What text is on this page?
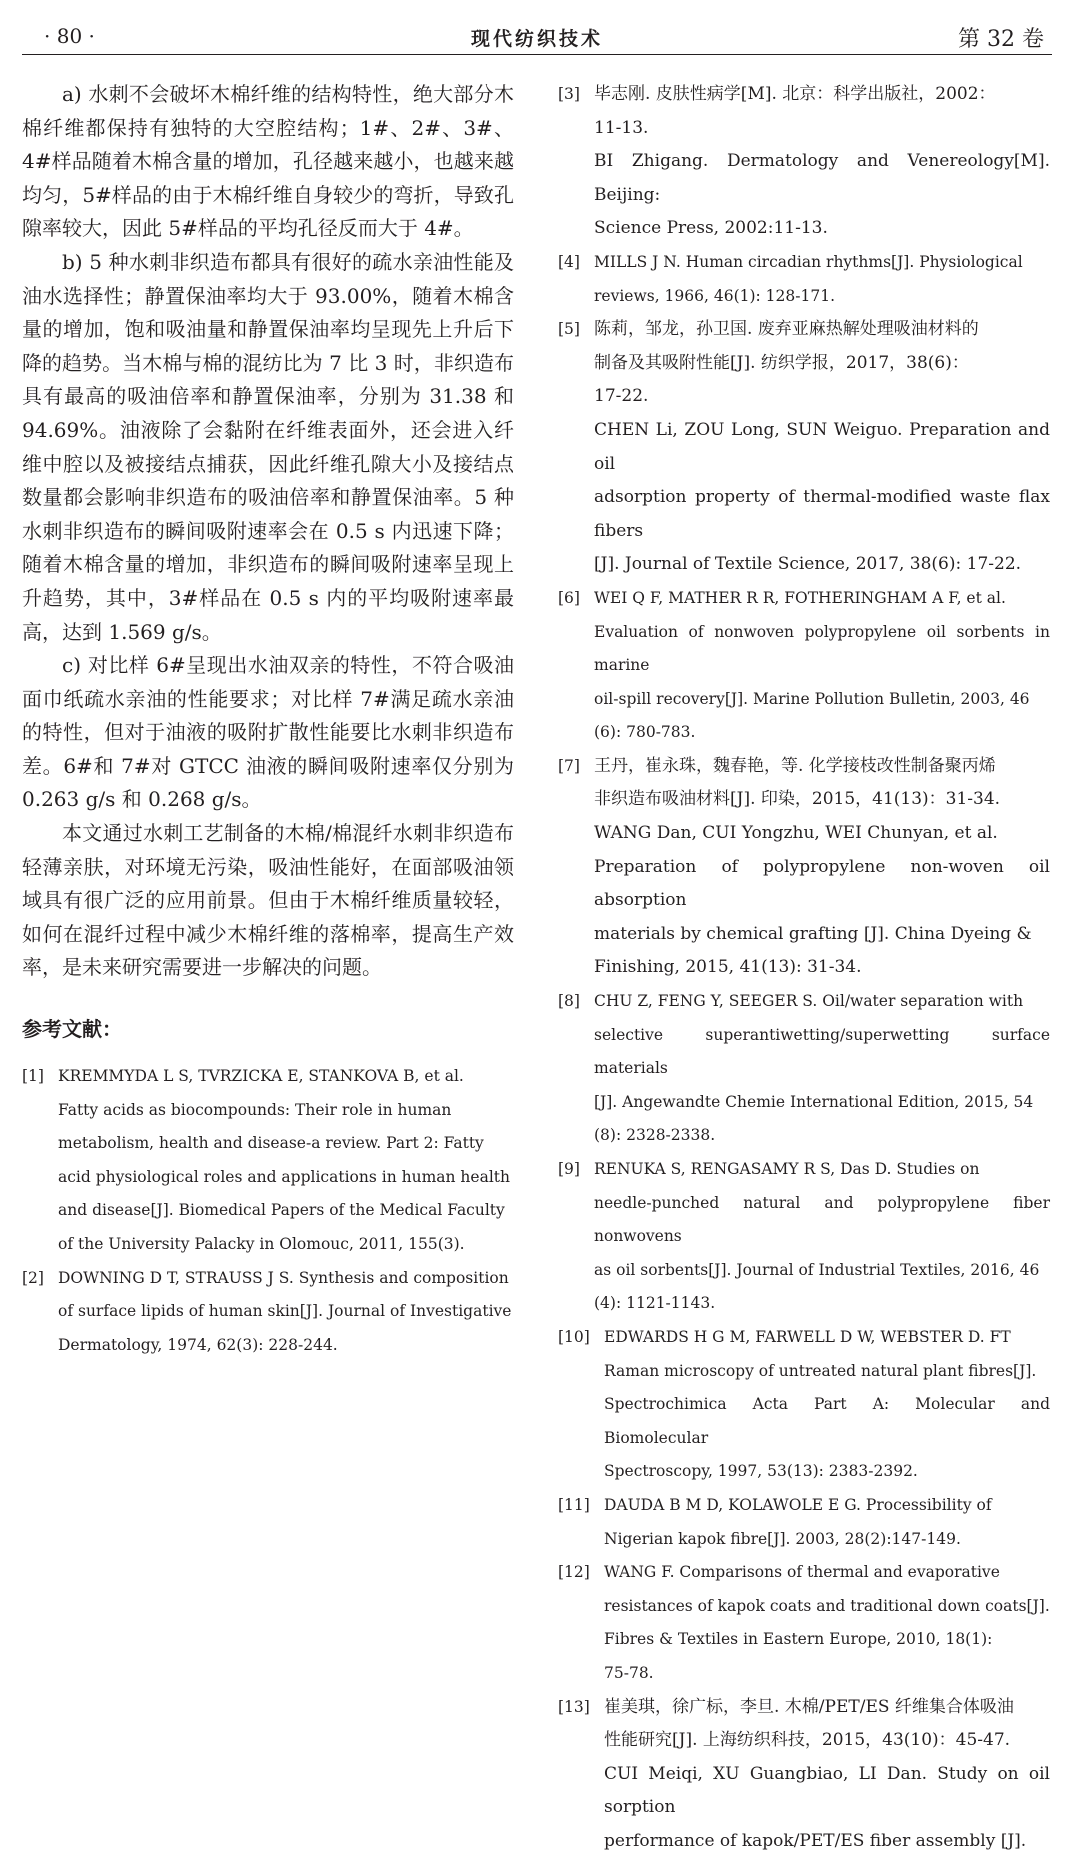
· 80 ·	现代纺织技术	第 32 卷

a) 水刺不会破坏木棉纤维的结构特性，绝大部分木棉纤维都保持有独特的大空腔结构；1#、2#、3#、4#样品随着木棉含量的增加，孔径越来越小，也越来越均匀，5#样品的由于木棉纤维自身较少的弯折，导致孔隙率较大，因此 5#样品的平均孔径反而大于 4#。

b) 5 种水刺非织造布都具有很好的疏水亲油性能及油水选择性；静置保油率均大于 93.00%，随着木棉含量的增加，饱和吸油量和静置保油率均呈现先上升后下降的趋势。当木棉与棉的混纺比为 7 比 3 时，非织造布具有最高的吸油倍率和静置保油率，分别为 31.38 和 94.69%。油液除了会黏附在纤维表面外，还会进入纤维中腔以及被接结点捕获，因此纤维孔隙大小及接结点数量都会影响非织造布的吸油倍率和静置保油率。5 种水刺非织造布的瞬间吸附速率会在 0.5 s 内迅速下降；随着木棉含量的增加，非织造布的瞬间吸附速率呈现上升趋势，其中，3#样品在 0.5 s 内的平均吸附速率最高，达到 1.569 g/s。

c) 对比样 6#呈现出水油双亲的特性，不符合吸油面巾纸疏水亲油的性能要求；对比样 7#满足疏水亲油的特性，但对于油液的吸附扩散性能要比水刺非织造布差。6#和 7#对 GTCC 油液的瞬间吸附速率仅分别为 0.263 g/s 和 0.268 g/s。

本文通过水刺工艺制备的木棉/棉混纤水刺非织造布轻薄亲肤，对环境无污染，吸油性能好，在面部吸油领域具有很广泛的应用前景。但由于木棉纤维质量较轻，如何在混纤过程中减少木棉纤维的落棉率，提高生产效率，是未来研究需要进一步解决的问题。

参考文献：
[1] KREMMYDA L S, TVRZICKA E, STANKOVA B, et al.
Fatty acids as biocompounds: Their role in human
metabolism, health and disease-a review. Part 2: Fatty
acid physiological roles and applications in human health
and disease[J]. Biomedical Papers of the Medical Faculty
of the University Palacky in Olomouc, 2011, 155(3).
[2] DOWNING D T, STRAUSS J S. Synthesis and composition
of surface lipids of human skin[J]. Journal of Investigative
Dermatology, 1974, 62(3): 228-244.
[3] 毕志刚. 皮肤性病学[M]. 北京：科学出版社，2002：
11-13.
BI Zhigang. Dermatology and Venereology[M]. Beijing:
Science Press, 2002:11-13.
[4] MILLS J N. Human circadian rhythms[J]. Physiological
reviews, 1966, 46(1): 128-171.
[5] 陈莉，邹龙，孙卫国. 废弃亚麻热解处理吸油材料的
制备及其吸附性能[J]. 纺织学报，2017，38(6)：
17-22.
CHEN Li, ZOU Long, SUN Weiguo. Preparation and oil
adsorption property of thermal-modified waste flax fibers
[J]. Journal of Textile Science, 2017, 38(6): 17-22.
[6] WEI Q F, MATHER R R, FOTHERINGHAM A F, et al.
Evaluation of nonwoven polypropylene oil sorbents in marine
oil-spill recovery[J]. Marine Pollution Bulletin, 2003, 46
(6): 780-783.
[7] 王丹，崔永珠，魏春艳，等. 化学接枝改性制备聚丙烯
非织造布吸油材料[J]. 印染，2015，41(13)：31-34.
WANG Dan, CUI Yongzhu, WEI Chunyan, et al.
Preparation of polypropylene non-woven oil absorption
materials by chemical grafting [J]. China Dyeing &
Finishing, 2015, 41(13): 31-34.
[8] CHU Z, FENG Y, SEEGER S. Oil/water separation with
selective superantiwetting/superwetting surface materials
[J]. Angewandte Chemie International Edition, 2015, 54
(8): 2328-2338.
[9] RENUKA S, RENGASAMY R S, Das D. Studies on
needle-punched natural and polypropylene fiber nonwovens
as oil sorbents[J]. Journal of Industrial Textiles, 2016, 46
(4): 1121-1143.
[10] EDWARDS H G M, FARWELL D W, WEBSTER D. FT
Raman microscopy of untreated natural plant fibres[J].
Spectrochimica Acta Part A: Molecular and Biomolecular
Spectroscopy, 1997, 53(13): 2383-2392.
[11] DAUDA B M D, KOLAWOLE E G. Processibility of
Nigerian kapok fibre[J]. 2003, 28(2):147-149.
[12] WANG F. Comparisons of thermal and evaporative
resistances of kapok coats and traditional down coats[J].
Fibres & Textiles in Eastern Europe, 2010, 18(1):
75-78.
[13] 崔美琪，徐广标，李旦. 木棉/PET/ES 纤维集合体吸油
性能研究[J]. 上海纺织科技，2015，43(10)：45-47.
CUI Meiqi, XU Guangbiao, LI Dan. Study on oil sorption
performance of kapok/PET/ES fiber assembly [J].
